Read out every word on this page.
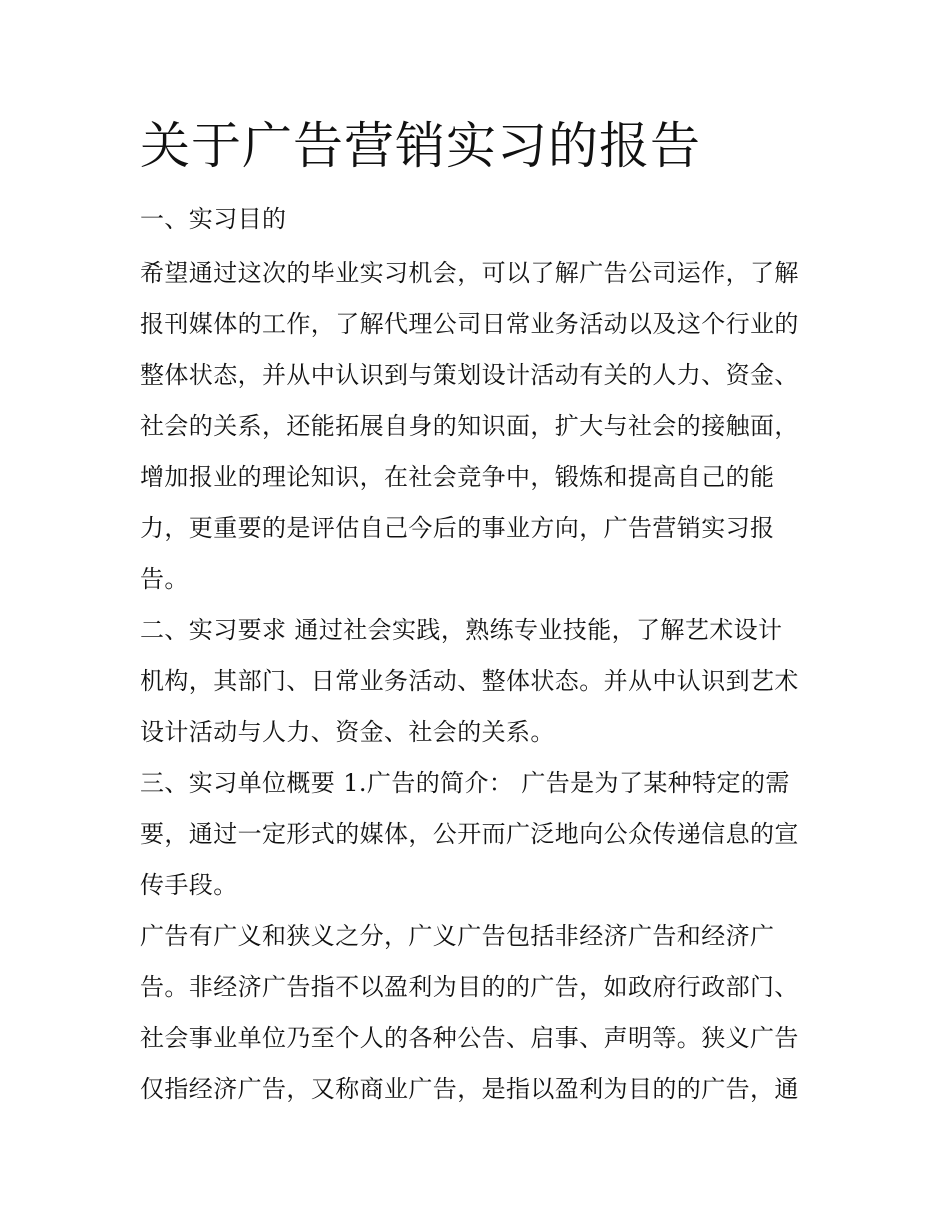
关于广告营销实习的报告

一、实习目的

希望通过这次的毕业实习机会，可以了解广告公司运作，了解

报刊媒体的工作，了解代理公司日常业务活动以及这个行业的

整体状态，并从中认识到与策划设计活动有关的人力、资金、

社会的关系，还能拓展自身的知识面，扩大与社会的接触面，

增加报业的理论知识，在社会竞争中，锻炼和提高自己的能

力，更重要的是评估自己今后的事业方向，广告营销实习报

告。

二、实习要求 通过社会实践，熟练专业技能，了解艺术设计

机构，其部门、日常业务活动、整体状态。并从中认识到艺术

设计活动与人力、资金、社会的关系。

三、实习单位概要 1.广告的简介： 广告是为了某种特定的需

要，通过一定形式的媒体，公开而广泛地向公众传递信息的宣

传手段。

广告有广义和狭义之分，广义广告包括非经济广告和经济广

告。非经济广告指不以盈利为目的的广告，如政府行政部门、

社会事业单位乃至个人的各种公告、启事、声明等。狭义广告

仅指经济广告，又称商业广告，是指以盈利为目的的广告，通
